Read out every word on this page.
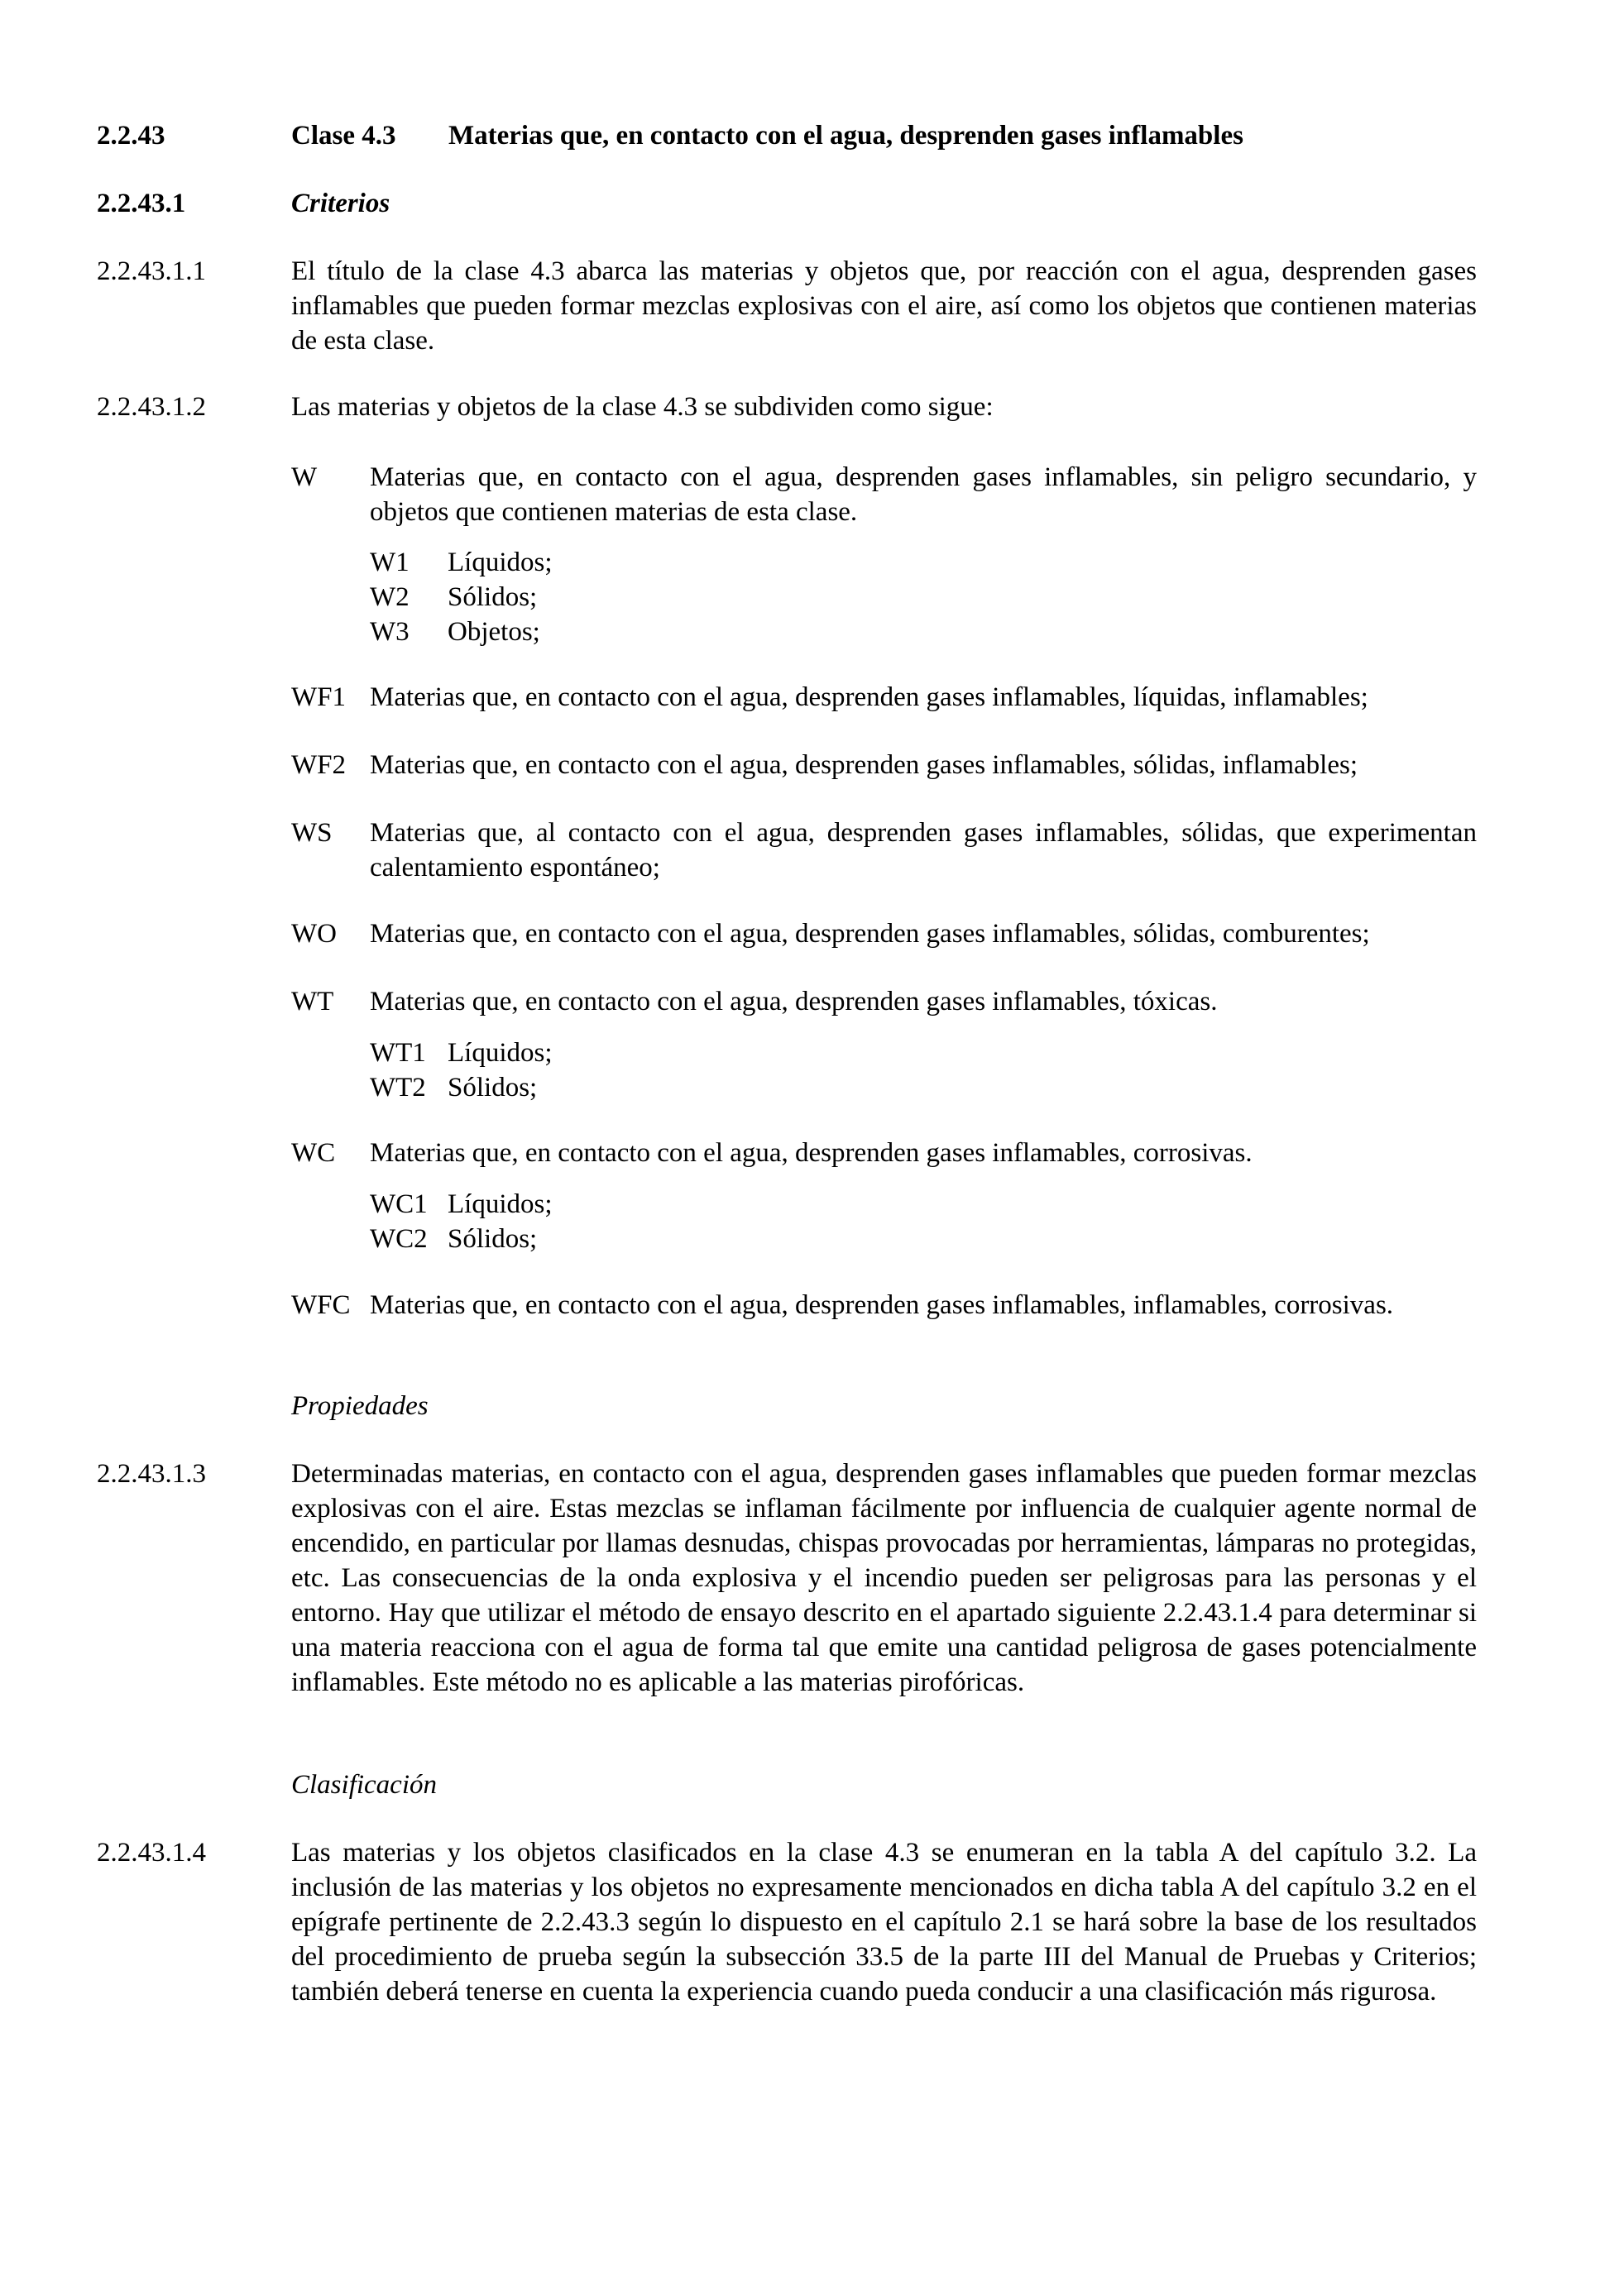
2.2.43	Clase 4.3	Materias que, en contacto con el agua, desprenden gases inflamables
2.2.43.1	Criterios
2.2.43.1.1	El título de la clase 4.3 abarca las materias y objetos que, por reacción con el agua, desprenden gases inflamables que pueden formar mezclas explosivas con el aire, así como los objetos que contienen materias de esta clase.
2.2.43.1.2	Las materias y objetos de la clase 4.3 se subdividen como sigue:
W	Materias que, en contacto con el agua, desprenden gases inflamables, sin peligro secundario, y objetos que contienen materias de esta clase.
W1	Líquidos;
W2	Sólidos;
W3	Objetos;
WF1 Materias que, en contacto con el agua, desprenden gases inflamables, líquidas, inflamables;
WF2 Materias que, en contacto con el agua, desprenden gases inflamables, sólidas, inflamables;
WS	Materias que, al contacto con el agua, desprenden gases inflamables, sólidas, que experimentan calentamiento espontáneo;
WO	Materias que, en contacto con el agua, desprenden gases inflamables, sólidas, comburentes;
WT	Materias que, en contacto con el agua, desprenden gases inflamables, tóxicas.
WT1 Líquidos;
WT2 Sólidos;
WC	Materias que, en contacto con el agua, desprenden gases inflamables, corrosivas.
WC1 Líquidos;
WC2 Sólidos;
WFC Materias que, en contacto con el agua, desprenden gases inflamables, inflamables, corrosivas.
Propiedades
2.2.43.1.3	Determinadas materias, en contacto con el agua, desprenden gases inflamables que pueden formar mezclas explosivas con el aire. Estas mezclas se inflaman fácilmente por influencia de cualquier agente normal de encendido, en particular por llamas desnudas, chispas provocadas por herramientas, lámparas no protegidas, etc. Las consecuencias de la onda explosiva y el incendio pueden ser peligrosas para las personas y el entorno. Hay que utilizar el método de ensayo descrito en el apartado siguiente 2.2.43.1.4 para determinar si una materia reacciona con el agua de forma tal que emite una cantidad peligrosa de gases potencialmente inflamables. Este método no es aplicable a las materias pirofóricas.
Clasificación
2.2.43.1.4	Las materias y los objetos clasificados en la clase 4.3 se enumeran en la tabla A del capítulo 3.2. La inclusión de las materias y los objetos no expresamente mencionados en dicha tabla A del capítulo 3.2 en el epígrafe pertinente de 2.2.43.3 según lo dispuesto en el capítulo 2.1 se hará sobre la base de los resultados del procedimiento de prueba según la subsección 33.5 de la parte III del Manual de Pruebas y Criterios; también deberá tenerse en cuenta la experiencia cuando pueda conducir a una clasificación más rigurosa.
